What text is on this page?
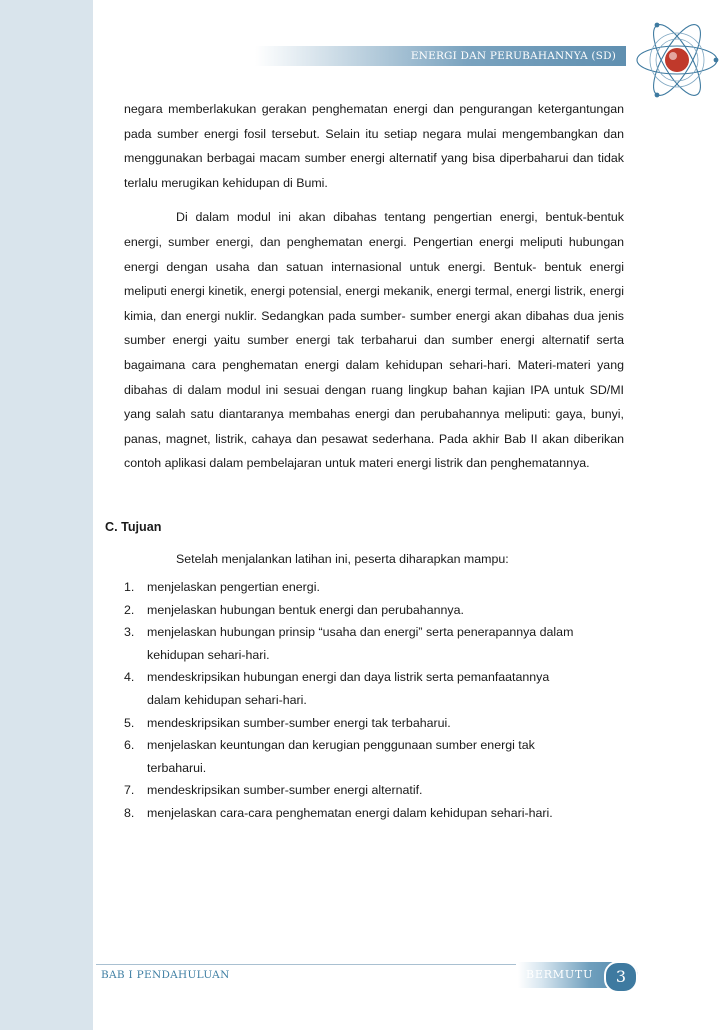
ENERGI DAN PERUBAHANNYA (SD)

negara memberlakukan gerakan penghematan energi dan pengurangan ketergantungan pada sumber energi fosil tersebut. Selain itu setiap negara mulai mengembangkan dan menggunakan berbagai macam sumber energi alternatif yang bisa diperbaharui dan tidak terlalu merugikan kehidupan di Bumi.

Di dalam modul ini akan dibahas tentang pengertian energi, bentuk-bentuk energi, sumber energi, dan penghematan energi. Pengertian energi meliputi hubungan energi dengan usaha dan satuan internasional untuk energi. Bentuk- bentuk energi meliputi energi kinetik, energi potensial, energi mekanik, energi termal, energi listrik, energi kimia, dan energi nuklir. Sedangkan pada sumber- sumber energi akan dibahas dua jenis sumber energi yaitu sumber energi tak terbaharui dan sumber energi alternatif serta bagaimana cara penghematan energi dalam kehidupan sehari-hari. Materi-materi yang dibahas di dalam modul ini sesuai dengan ruang lingkup bahan kajian IPA untuk SD/MI yang salah satu diantaranya membahas energi dan perubahannya meliputi: gaya, bunyi, panas, magnet, listrik, cahaya dan pesawat sederhana. Pada akhir Bab II akan diberikan contoh aplikasi dalam pembelajaran untuk materi energi listrik dan penghematannya.

C. Tujuan
Setelah menjalankan latihan ini, peserta diharapkan mampu:
1. menjelaskan pengertian energi.
2. menjelaskan hubungan bentuk energi dan perubahannya.
3. menjelaskan hubungan prinsip “usaha dan energi” serta penerapannya dalam
kehidupan sehari-hari.
4. mendeskripsikan hubungan energi dan daya listrik serta pemanfaatannya
dalam kehidupan sehari-hari.
5. mendeskripsikan sumber-sumber energi tak terbaharui.
6. menjelaskan keuntungan dan kerugian penggunaan sumber energi tak
terbaharui.
7. mendeskripsikan sumber-sumber energi alternatif.
8. menjelaskan cara-cara penghematan energi dalam kehidupan sehari-hari.
BAB I PENDAHULUAN	BERMUTU	3
